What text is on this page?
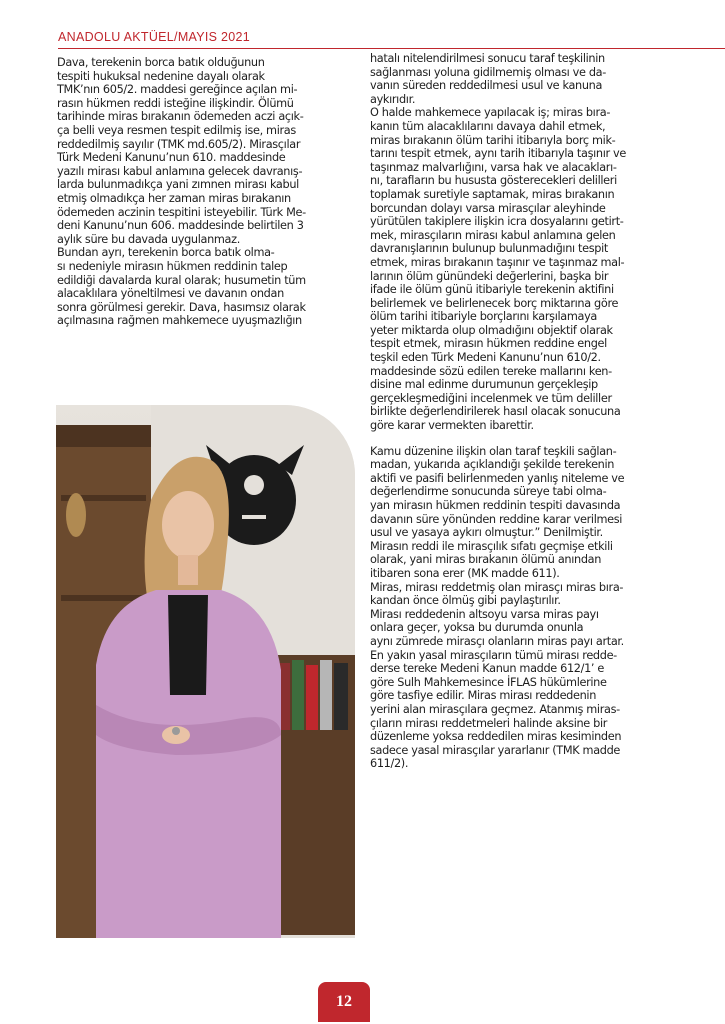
ANADOLU AKTÜEL/MAYIS 2021

Dava, terekenin borca batık olduğunun
tespiti hukuksal nedenine dayalı olarak
TMK’nın 605/2. maddesi gereğince açılan mi-
rasın hükmen reddi isteğine ilişkindir. Ölümü
tarihinde miras bırakanın ödemeden aczi açık-
ça belli veya resmen tespit edilmiş ise, miras
reddedilmiş sayılır (TMK md.605/2). Mirasçılar
Türk Medeni Kanunu’nun 610. maddesinde
yazılı mirası kabul anlamına gelecek davranış-
larda bulunmadıkça yani zımnen mirası kabul
etmiş olmadıkça her zaman miras bırakanın
ödemeden aczinin tespitini isteyebilir. Türk Me-
deni Kanunu’nun 606. maddesinde belirtilen 3
aylık süre bu davada uygulanmaz.

Bundan ayrı, terekenin borca batık olma-
sı nedeniyle mirasın hükmen reddinin talep
edildiği davalarda kural olarak; husumetin tüm
alacaklılara yöneltilmesi ve davanın ondan
sonra görülmesi gerekir. Dava, hasımsız olarak
açılmasına rağmen mahkemece uyuşmazlığın

hatalı nitelendirilmesi sonucu taraf teşkilinin
sağlanması yoluna gidilmemiş olması ve da-
vanın süreden reddedilmesi usul ve kanuna
aykırıdır.

O halde mahkemece yapılacak iş; miras bıra-
kanın tüm alacaklılarını davaya dahil etmek,
miras bırakanın ölüm tarihi itibarıyla borç mik-
tarını tespit etmek, aynı tarih itibarıyla taşınır ve
taşınmaz malvarlığını, varsa hak ve alacakları-
nı, tarafların bu hususta gösterecekleri delilleri
toplamak suretiyle saptamak, miras bırakanın
borcundan dolayı varsa mirasçılar aleyhinde
yürütülen takiplere ilişkin icra dosyalarını getirt-
mek, mirasçıların mirası kabul anlamına gelen
davranışlarının bulunup bulunmadığını tespit
etmek, miras bırakanın taşınır ve taşınmaz mal-
larının ölüm günündeki değerlerini, başka bir
ifade ile ölüm günü itibariyle terekenin aktifini
belirlemek ve belirlenecek borç miktarına göre
ölüm tarihi itibariyle borçlarını karşılamaya
yeter miktarda olup olmadığını objektif olarak
tespit etmek, mirasın hükmen reddine engel
teşkil eden Türk Medeni Kanunu’nun 610/2.
maddesinde sözü edilen tereke mallarını ken-
disine mal edinme durumunun gerçekleşip
gerçekleşmediğini incelenmek ve tüm deliller
birlikte değerlendirilerek hasıl olacak sonucuna
göre karar vermekten ibarettir.

Kamu düzenine ilişkin olan taraf teşkili sağlan-
madan, yukarıda açıklandığı şekilde terekenin
aktifi ve pasifi belirlenmeden yanlış niteleme ve
değerlendirme sonucunda süreye tabi olma-
yan mirasın hükmen reddinin tespiti davasında
davanın süre yönünden reddine karar verilmesi
usul ve yasaya aykırı olmuştur.” Denilmiştir.

Mirasın reddi ile mirasçılık sıfatı geçmişe etkili
olarak, yani miras bırakanın ölümü anından
itibaren sona erer (MK madde 611).

Miras, mirası reddetmiş olan mirasçı miras bıra-
kandan önce ölmüş gibi paylaştırılır.

Mirası reddedenin altsoyu varsa miras payı
onlara geçer, yoksa bu durumda onunla
aynı zümrede mirasçı olanların miras payı artar.

En yakın yasal mirasçıların tümü mirası redde-
derse tereke Medeni Kanun madde 612/1’ e
göre Sulh Mahkemesince İFLAS hükümlerine
göre tasfiye edilir. Miras mirası reddedenin
yerini alan mirasçılara geçmez. Atanmış miras-
çıların mirası reddetmeleri halinde aksine bir
düzenleme yoksa reddedilen miras kesiminden
sadece yasal mirasçılar yararlanır (TMK madde
611/2).

12
